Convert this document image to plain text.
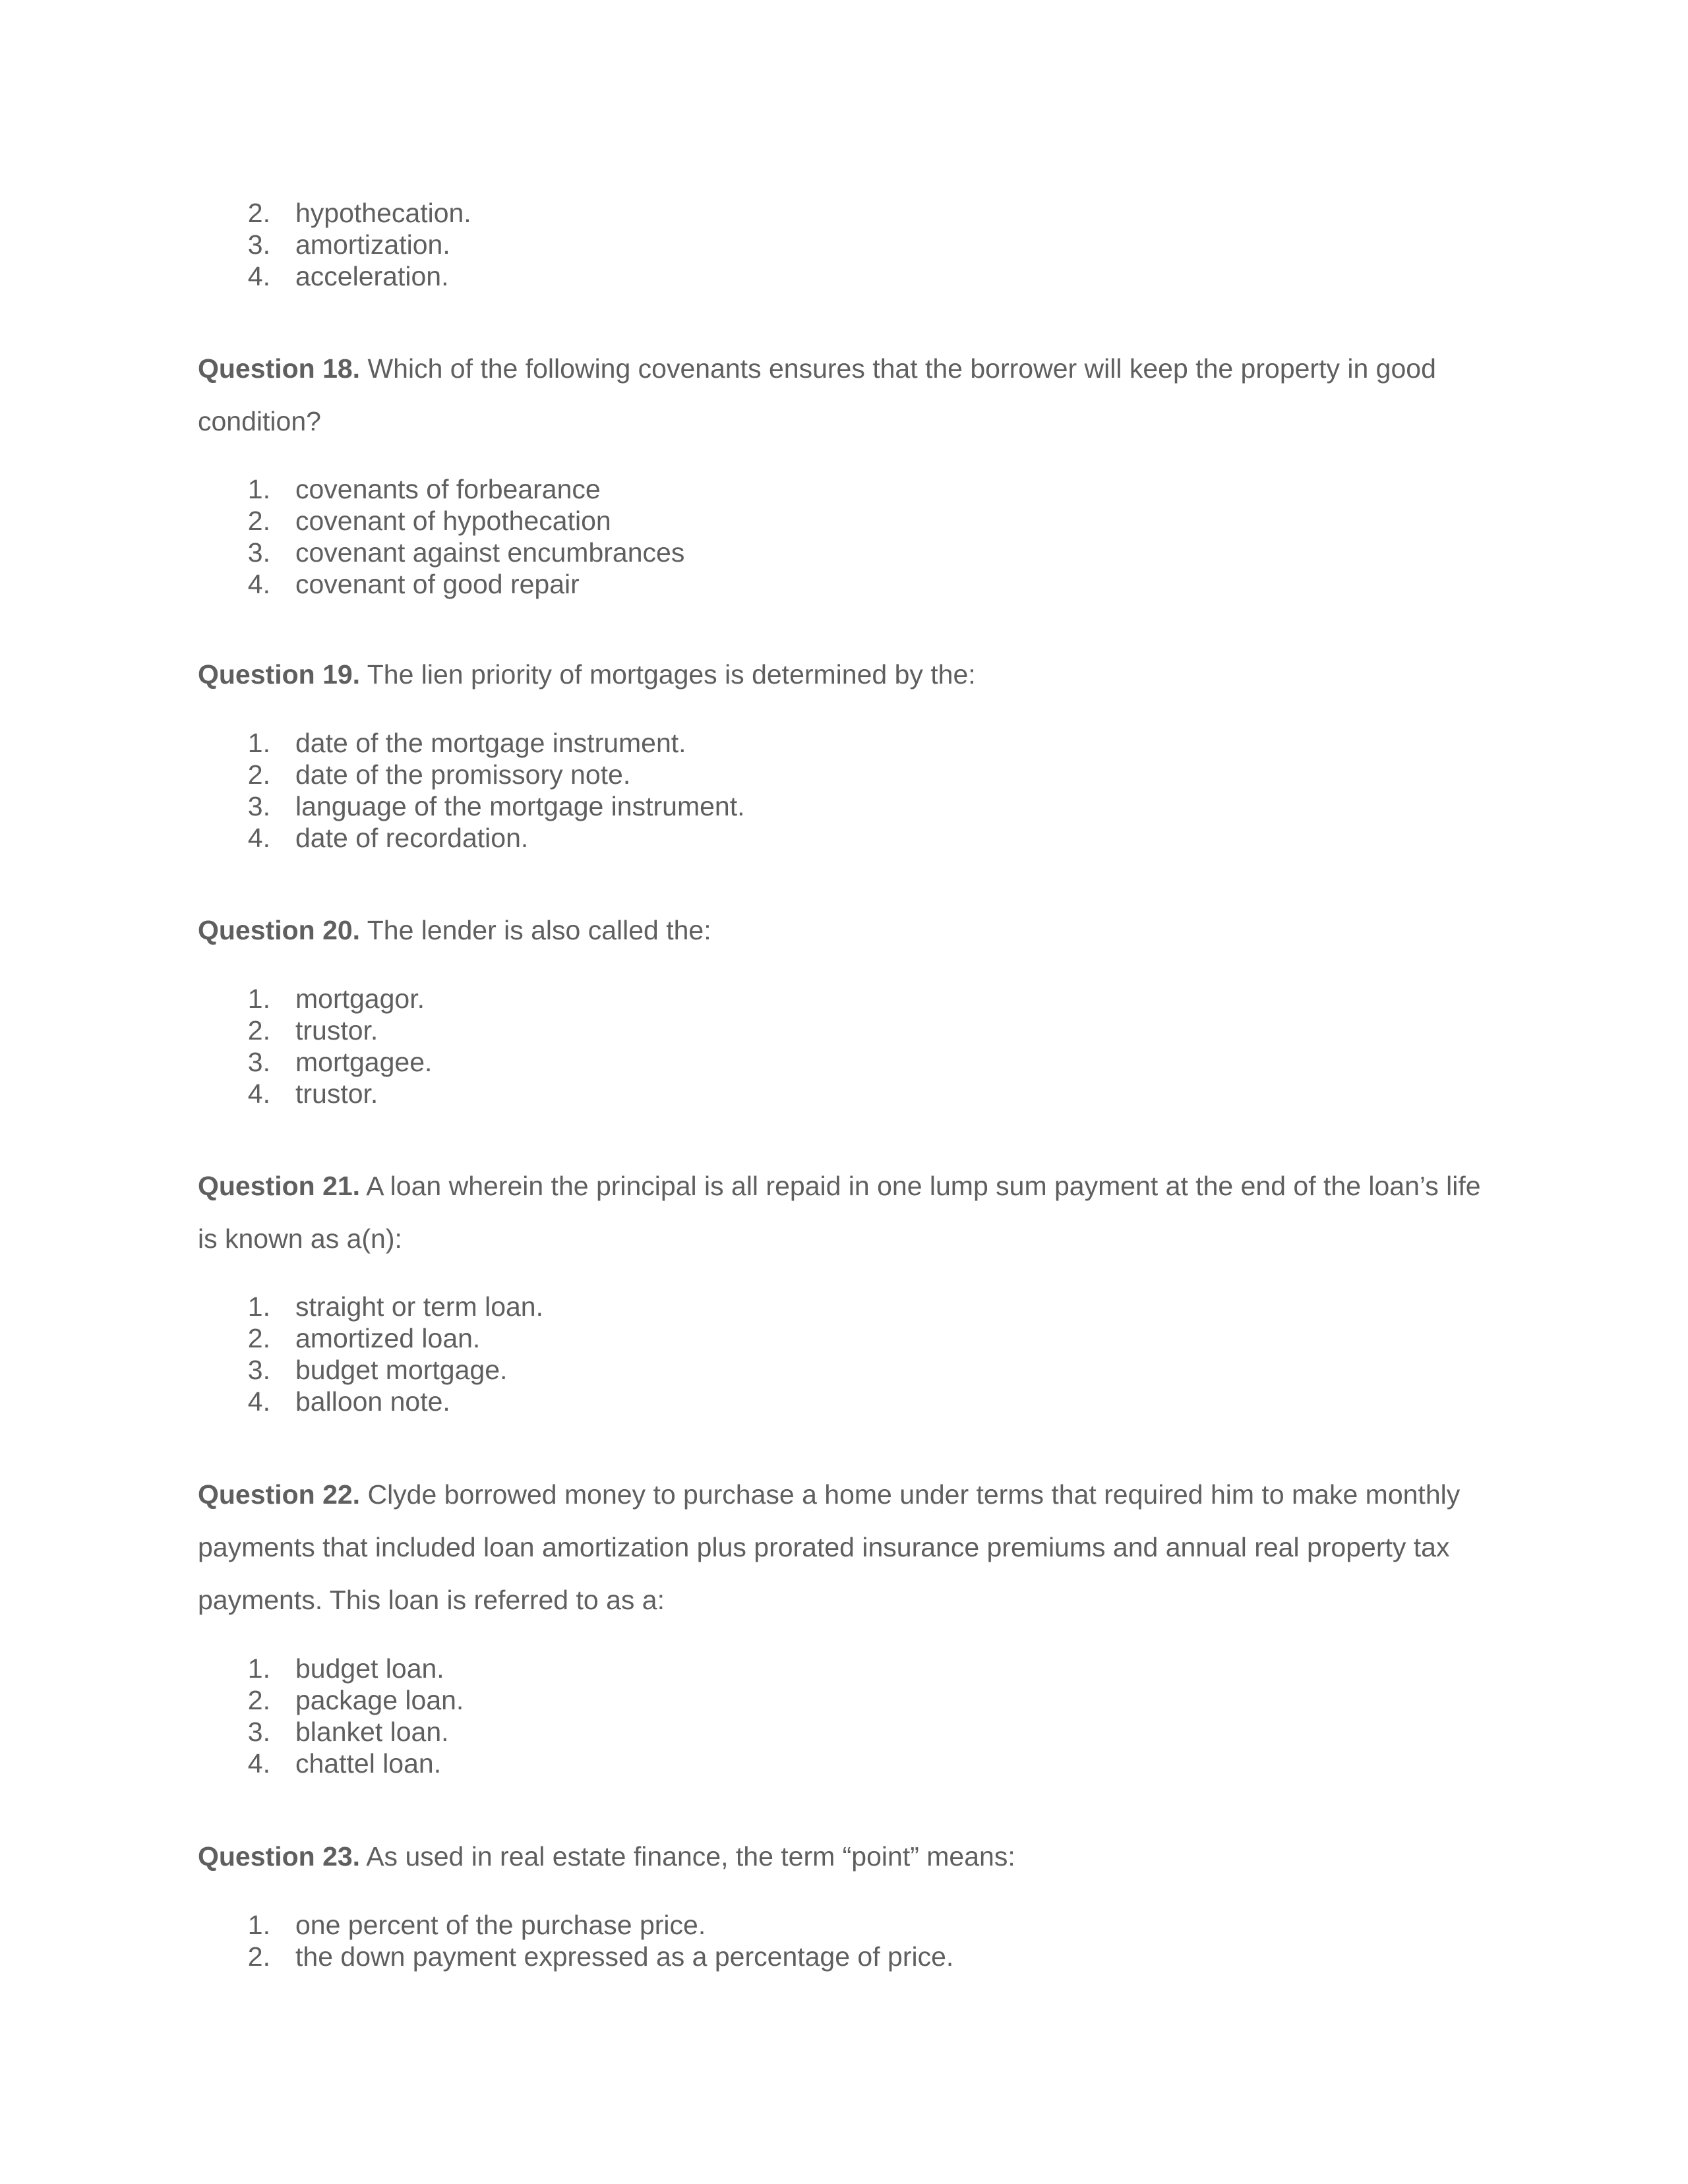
2. hypothecation.
3. amortization.
4. acceleration.

Question 18. Which of the following covenants ensures that the borrower will keep the property in good condition?

1. covenants of forbearance
2. covenant of hypothecation
3. covenant against encumbrances
4. covenant of good repair

Question 19. The lien priority of mortgages is determined by the:

1. date of the mortgage instrument.
2. date of the promissory note.
3. language of the mortgage instrument.
4. date of recordation.

Question 20. The lender is also called the:

1. mortgagor.
2. trustor.
3. mortgagee.
4. trustor.

Question 21. A loan wherein the principal is all repaid in one lump sum payment at the end of the loan’s life is known as a(n):

1. straight or term loan.
2. amortized loan.
3. budget mortgage.
4. balloon note.

Question 22. Clyde borrowed money to purchase a home under terms that required him to make monthly payments that included loan amortization plus prorated insurance premiums and annual real property tax payments. This loan is referred to as a:

1. budget loan.
2. package loan.
3. blanket loan.
4. chattel loan.

Question 23. As used in real estate finance, the term “point” means:

1. one percent of the purchase price.
2. the down payment expressed as a percentage of price.
